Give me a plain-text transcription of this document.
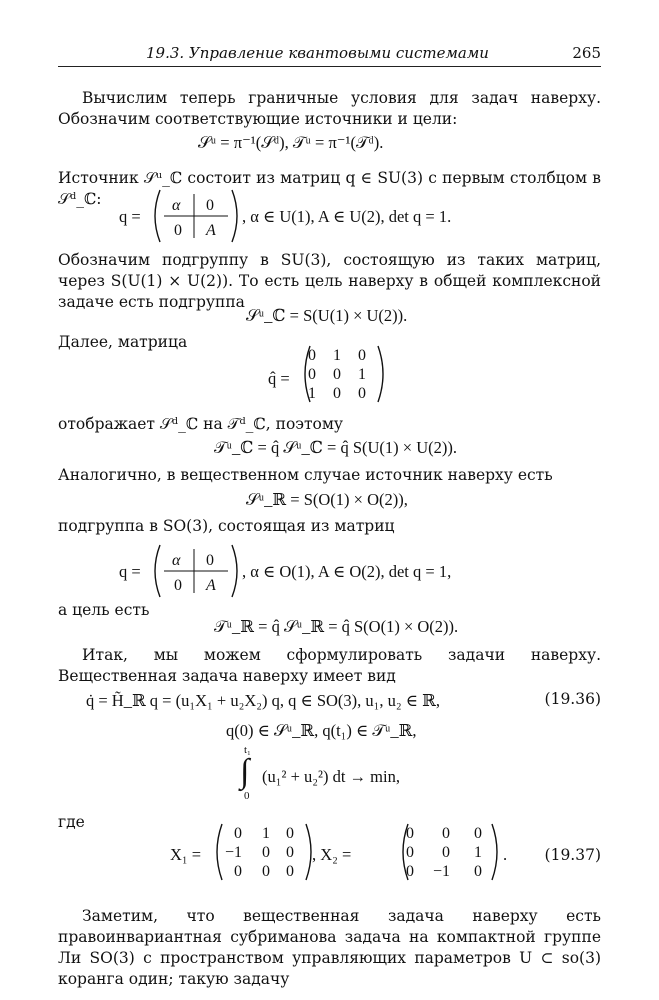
19.3. Управление квантовыми системами	265
Вычислим теперь граничные условия для задач наверху. Обозначим соответствующие источники и цели:
𝒮ᵘ = π⁻¹(𝒮ᵈ), 𝒯ᵘ = π⁻¹(𝒯ᵈ).
Источник 𝒮ᵘ_ℂ состоит из матриц q ∈ SU(3) с первым столбцом в 𝒮ᵈ_ℂ:
q =
α 0
0 A
, α ∈ U(1), A ∈ U(2), det q = 1.
Обозначим подгруппу в SU(3), состоящую из таких матриц, через S(U(1) × U(2)). То есть цель наверху в общей комплексной задаче есть подгруппа
𝒮ᵘ_ℂ = S(U(1) × U(2)).
Далее, матрица
q̂ =
0 1 0
0 0 1
1 0 0
отображает 𝒮ᵈ_ℂ на 𝒯ᵈ_ℂ, поэтому
𝒯ᵘ_ℂ = q̂ 𝒮ᵘ_ℂ = q̂ S(U(1) × U(2)).
Аналогично, в вещественном случае источник наверху есть
𝒮ᵘ_ℝ = S(O(1) × O(2)),
подгруппа в SO(3), состоящая из матриц
q =
α 0
0 A
, α ∈ O(1), A ∈ O(2), det q = 1,
а цель есть
𝒯ᵘ_ℝ = q̂ 𝒮ᵘ_ℝ = q̂ S(O(1) × O(2)).
Итак, мы можем сформулировать задачи наверху. Вещественная задача наверху имеет вид
q̇ = H̃_ℝ q = (u₁X₁ + u₂X₂) q, q ∈ SO(3), u₁, u₂ ∈ ℝ,	(19.36)
q(0) ∈ 𝒮ᵘ_ℝ, q(t₁) ∈ 𝒯ᵘ_ℝ,
t₁
∫
0
(u₁² + u₂²) dt → min,
где
X₁ =
0 1 0
−1 0 0
0 0 0
, X₂ =
0 0 0
0 0 1
0 −1 0
. (19.37)
Заметим, что вещественная задача наверху есть правоинвариантная субриманова задача на компактной группе Ли SO(3) с пространством управляющих параметров U ⊂ so(3) коранга один; такую задачу
